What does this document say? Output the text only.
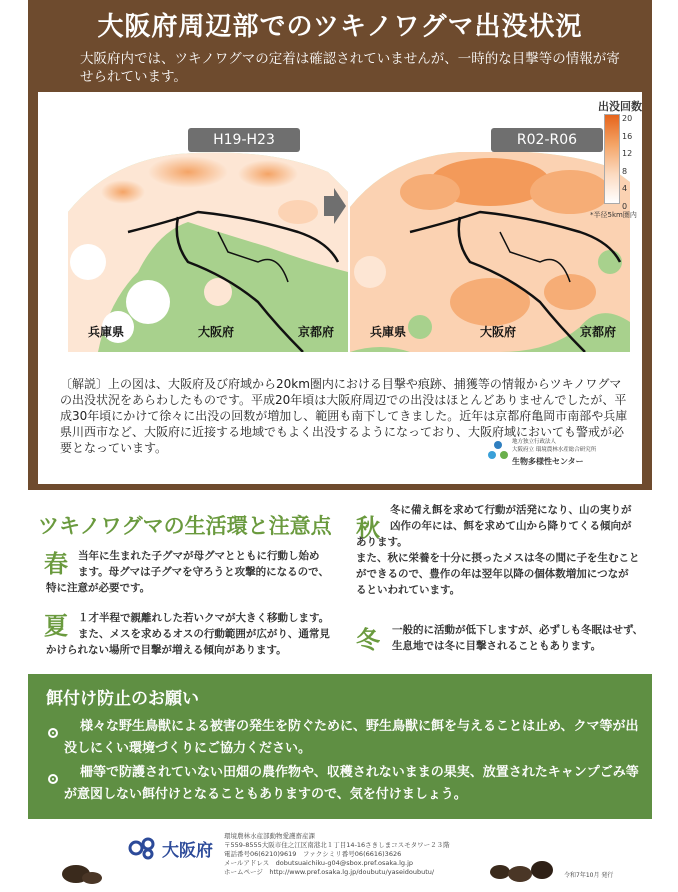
大阪府周辺部でのツキノワグマ出没状況
大阪府内では、ツキノワグマの定着は確認されていませんが、一時的な目撃等の情報が寄せられています。
H19-H23	R02-R06
兵庫県	大阪府	京都府	兵庫県	大阪府	京都府
出没回数
20
16
12
8
4
0
*半径5km圏内
〔解説〕上の図は、大阪府及び府域から20km圏内における目撃や痕跡、捕獲等の情報からツキノワグマの出没状況をあらわしたものです。平成20年頃は大阪府周辺での出没はほとんどありませんでしたが、平成30年頃にかけて徐々に出没の回数が増加し、範囲も南下してきました。近年は京都府亀岡市南部や兵庫県川西市など、大阪府に近接する地域でもよく出没するようになっており、大阪府域においても警戒が必要となっています。	地方独立行政法人
大阪府立 環境農林水産総合研究所
生物多様性センター
ツキノワグマの生活環と注意点
春 当年に生まれた子グマが母グマとともに行動し始め
ます。母グマは子グマを守ろうと攻撃的になるので、
特に注意が必要です。
夏 １才半程で親離れした若いクマが大きく移動します。
また、メスを求めるオスの行動範囲が広がり、通常見
かけられない場所で目撃が増える傾向があります。
秋
冬に備え餌を求めて行動が活発になり、山の実りが
凶作の年には、餌を求めて山から降りてくる傾向が
あります。
また、秋に栄養を十分に摂ったメスは冬の間に子を生むこと
ができるので、豊作の年は翌年以降の個体数増加につなが
るといわれています。
冬 一般的に活動が低下しますが、必ずしも冬眠はせず、
生息地では冬に目撃されることもあります。
餌付け防止のお願い
様々な野生鳥獣による被害の発生を防ぐために、野生鳥獣に餌を与えることは止め、クマ等が出
没しにくい環境づくりにご協力ください。
柵等で防護されていない田畑の農作物や、収穫されないままの果実、放置されたキャンプごみ等
が意図しない餌付けとなることもありますので、気を付けましょう。
大阪府
環境農林水産部動物愛護畜産課
〒559-8555大阪市住之江区南港北１丁目14-16さきしまコスモタワー２３階
電話番号06(6210)9619　ファクシミリ番号06(6616)3626
メールアドレス　dobutsuaichiku-g04@sbox.pref.osaka.lg.jp
ホームページ　http://www.pref.osaka.lg.jp/doubutu/yaseidoubutu/	令和7年10月 発行
